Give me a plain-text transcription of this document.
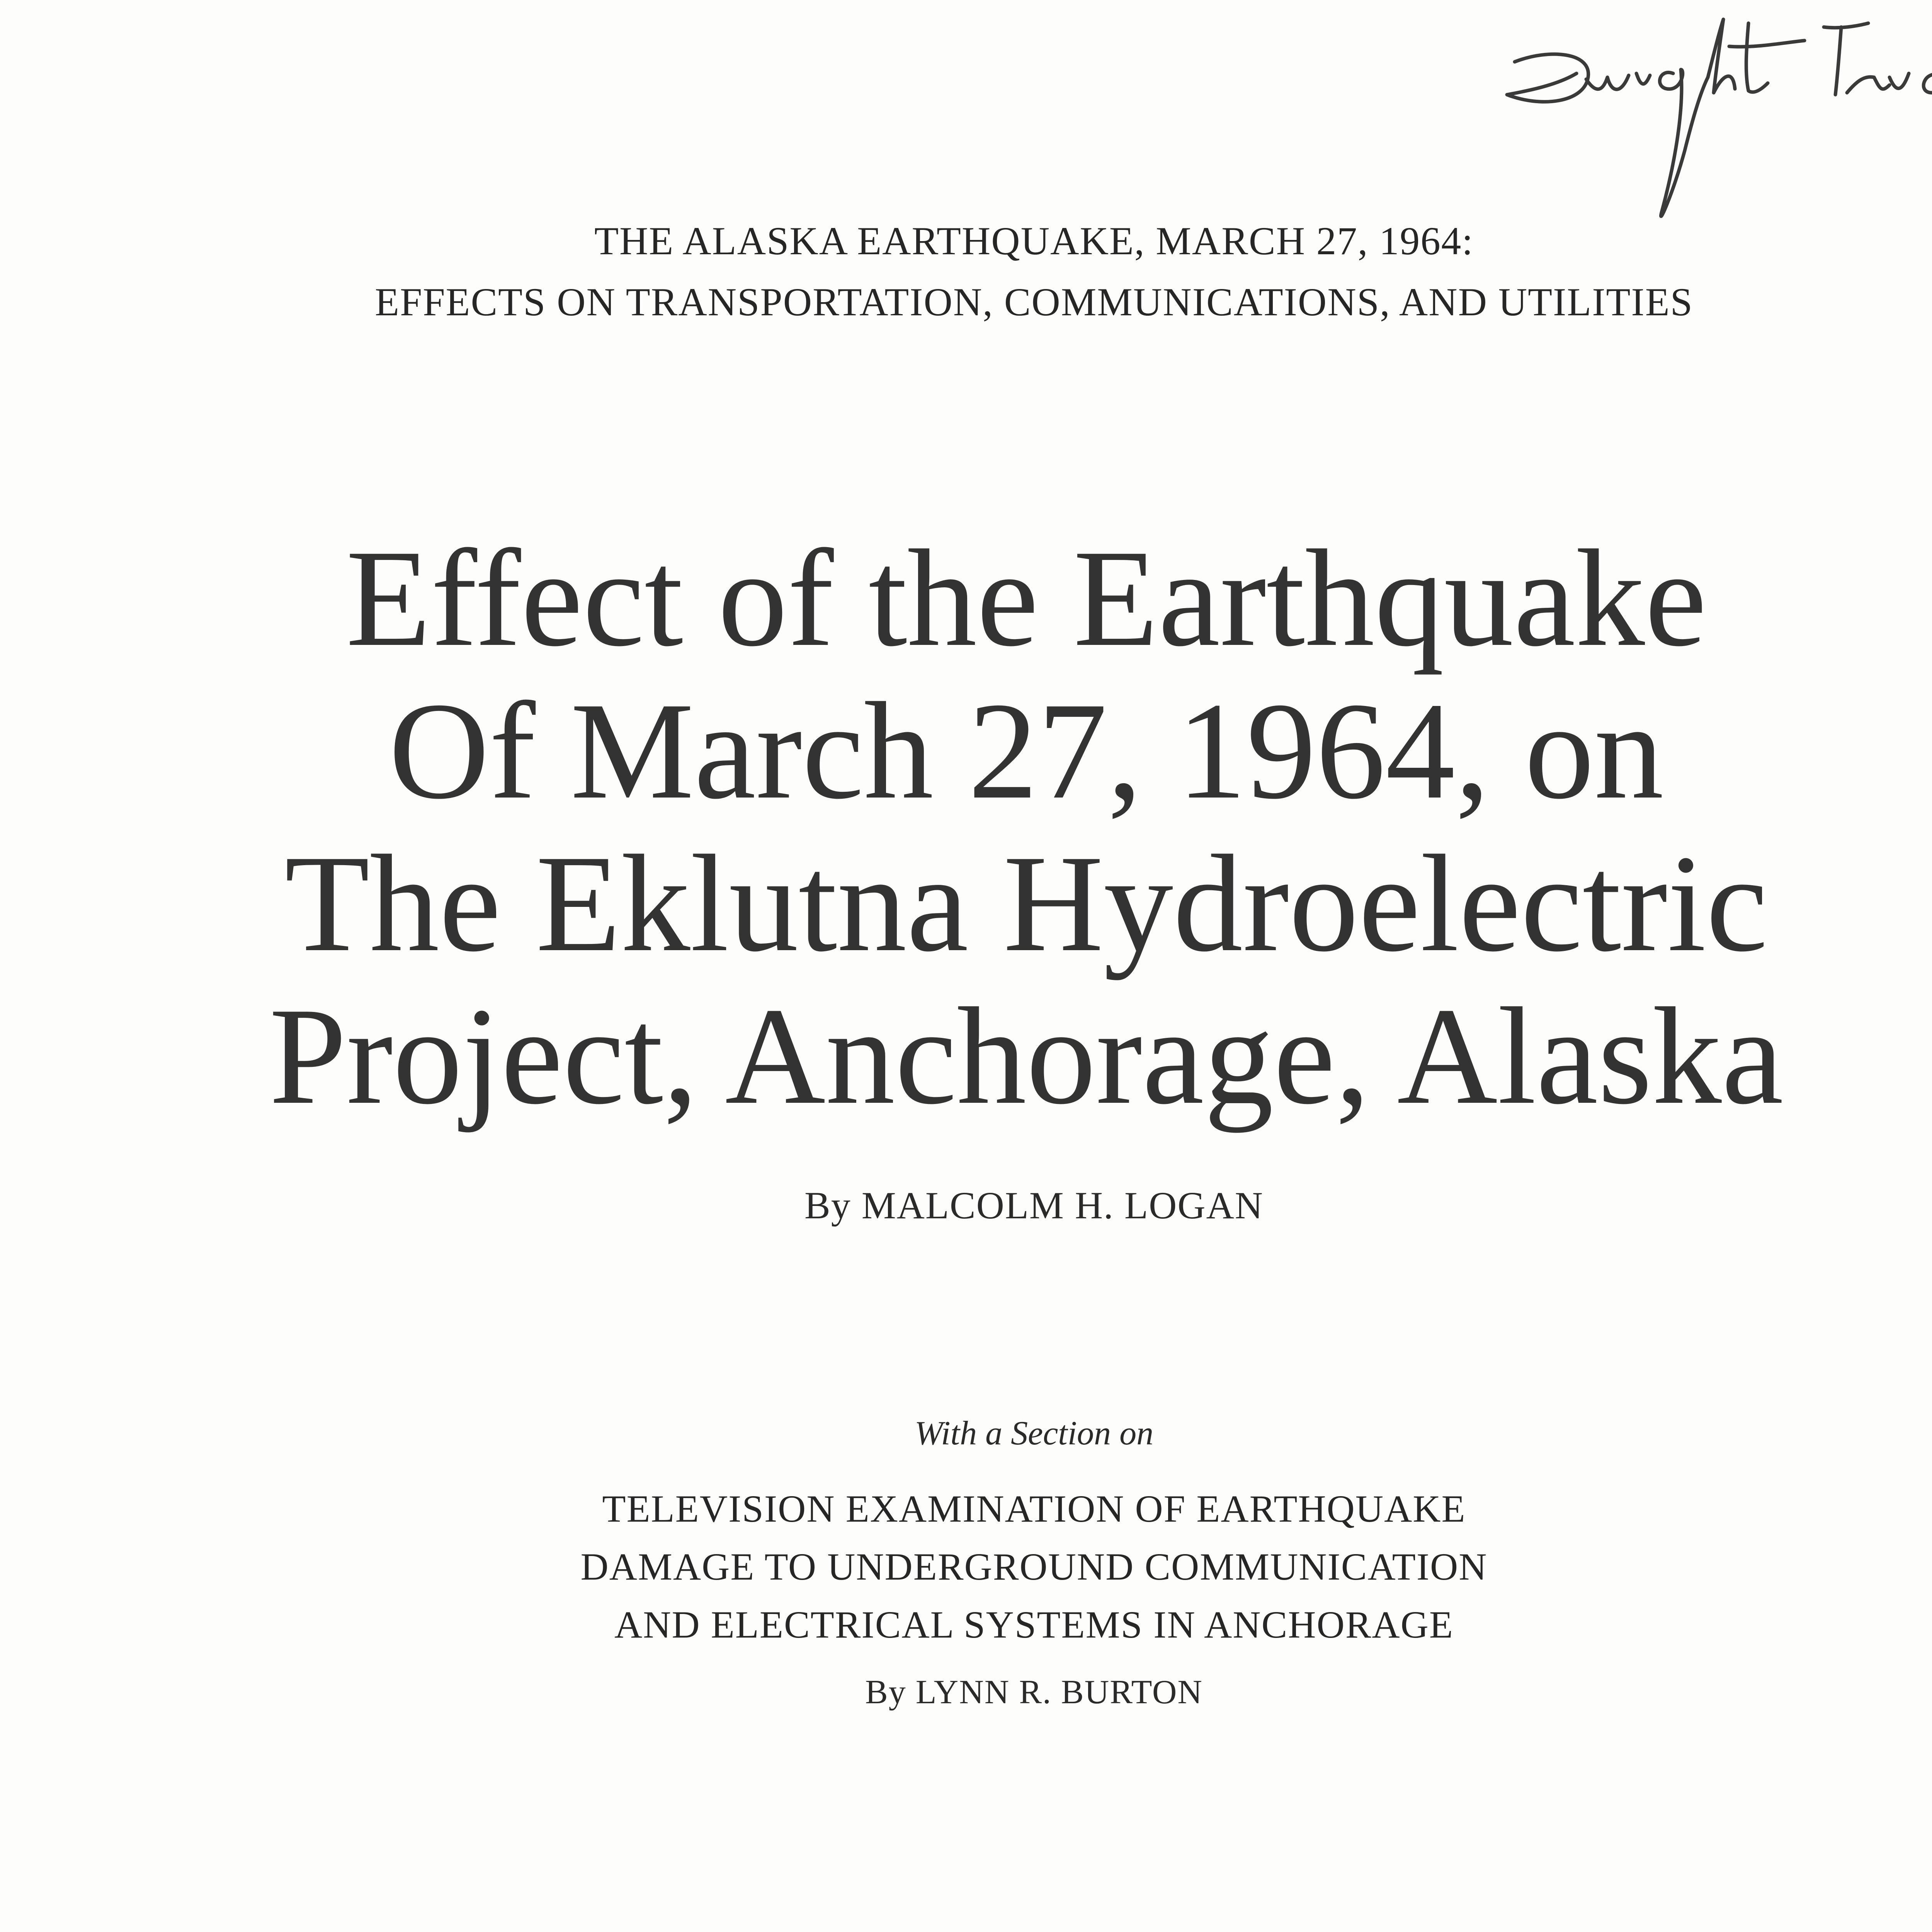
THE ALASKA EARTHQUAKE, MARCH 27, 1964:
EFFECTS ON TRANSPORTATION, COMMUNICATIONS, AND UTILITIES
Effect of the Earthquake
Of March 27, 1964, on
The Eklutna Hydroelectric
Project, Anchorage, Alaska
By MALCOLM H. LOGAN
With a Section on
TELEVISION EXAMINATION OF EARTHQUAKE
DAMAGE TO UNDERGROUND COMMUNICATION
AND ELECTRICAL SYSTEMS IN ANCHORAGE
By LYNN R. BURTON
